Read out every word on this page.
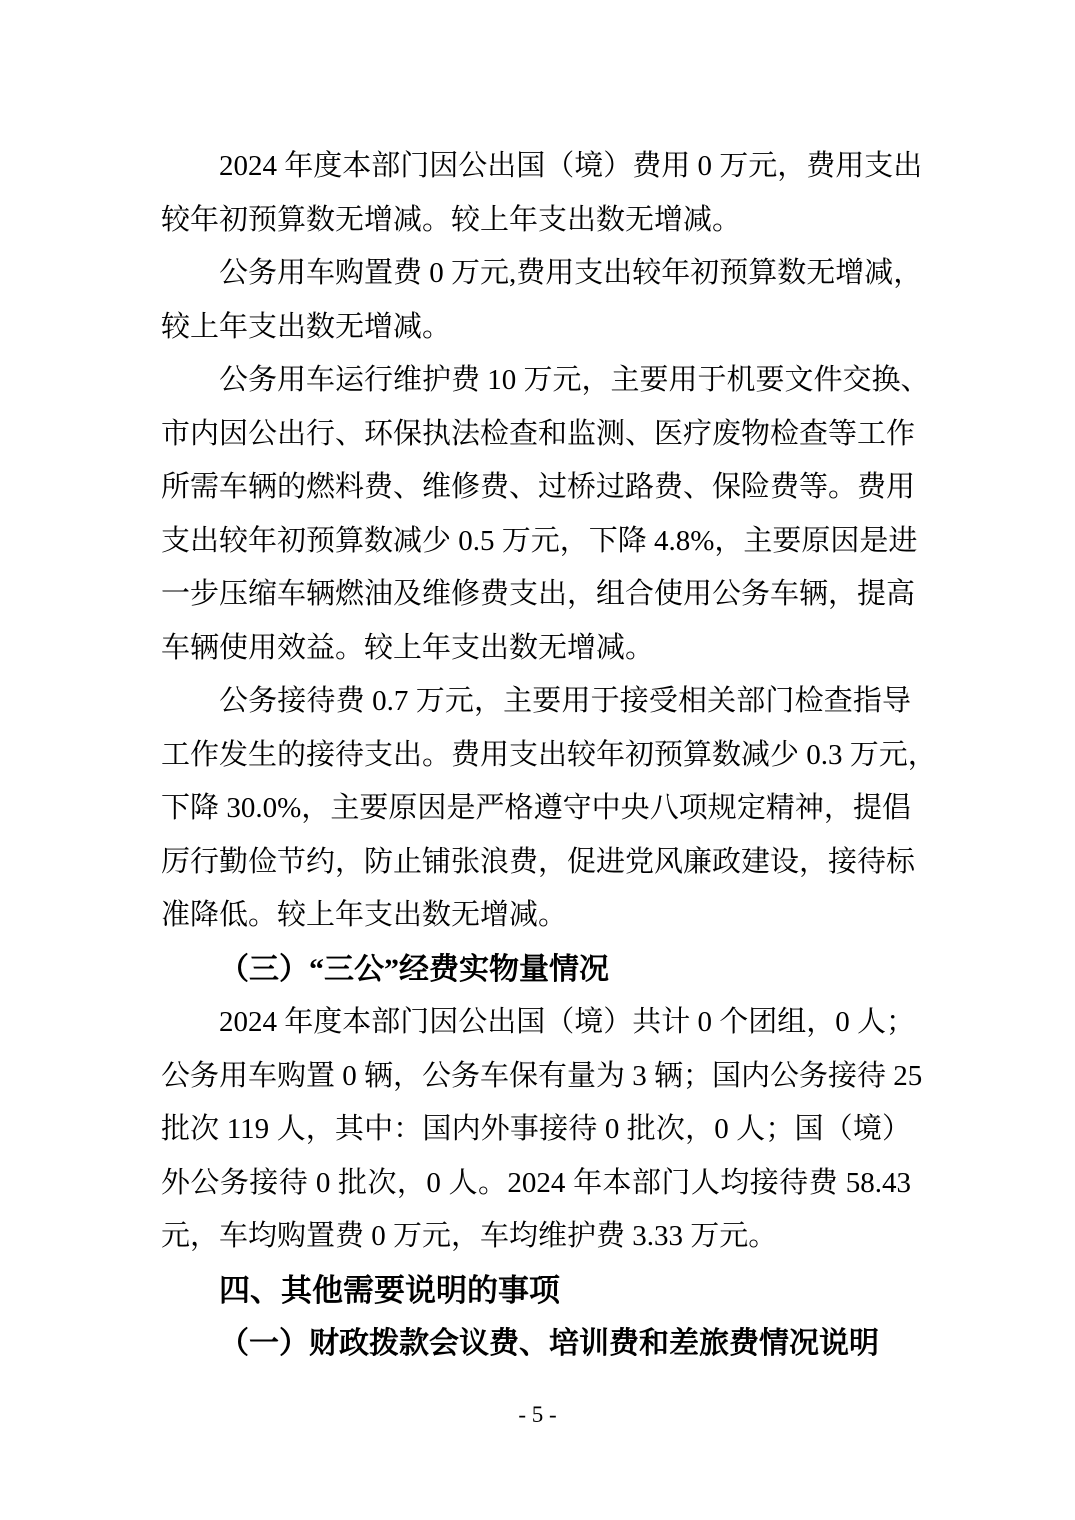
2024 年度本部门因公出国（境）费用 0 万元，费用支出
较年初预算数无增减。较上年支出数无增减。
公务用车购置费 0 万元,费用支出较年初预算数无增减，
较上年支出数无增减。
公务用车运行维护费 10 万元，主要用于机要文件交换、
市内因公出行、环保执法检查和监测、医疗废物检查等工作
所需车辆的燃料费、维修费、过桥过路费、保险费等。费用
支出较年初预算数减少 0.5 万元，下降 4.8%，主要原因是进
一步压缩车辆燃油及维修费支出，组合使用公务车辆，提高
车辆使用效益。较上年支出数无增减。
公务接待费 0.7 万元，主要用于接受相关部门检查指导
工作发生的接待支出。费用支出较年初预算数减少 0.3 万元，
下降 30.0%，主要原因是严格遵守中央八项规定精神，提倡
厉行勤俭节约，防止铺张浪费，促进党风廉政建设，接待标
准降低。较上年支出数无增减。
（三）“三公”经费实物量情况
2024 年度本部门因公出国（境）共计 0 个团组，0 人；
公务用车购置 0 辆，公务车保有量为 3 辆；国内公务接待 25
批次 119 人，其中：国内外事接待 0 批次，0 人；国（境）
外公务接待 0 批次，0 人。2024 年本部门人均接待费 58.43
元，车均购置费 0 万元，车均维护费 3.33 万元。
四、其他需要说明的事项
（一）财政拨款会议费、培训费和差旅费情况说明
- 5 -
